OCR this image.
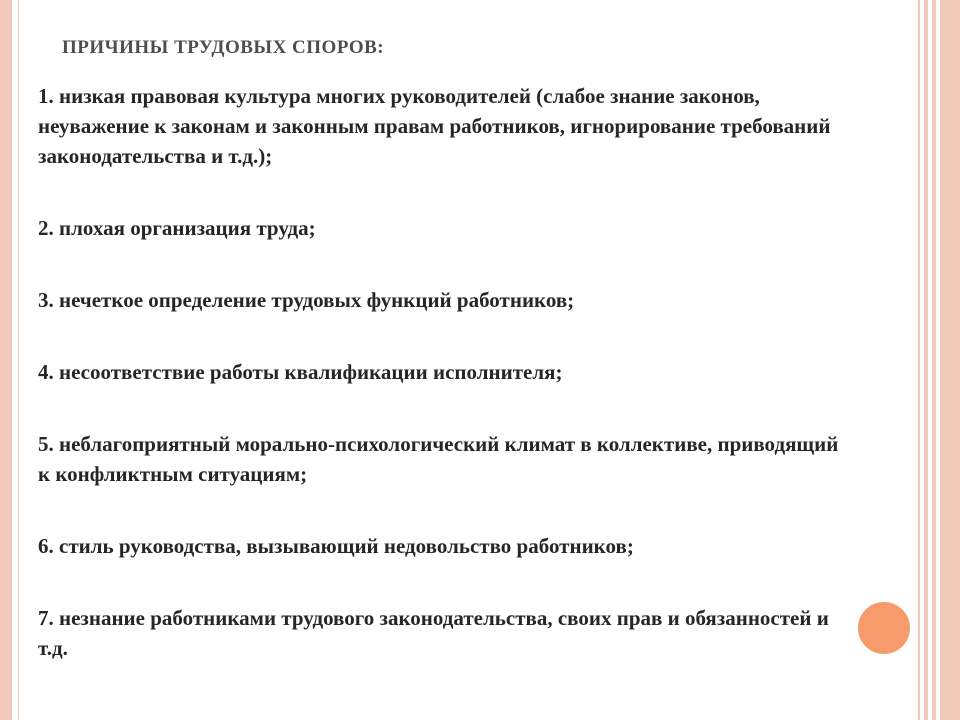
ПРИЧИНЫ ТРУДОВЫХ СПОРОВ:
1. низкая правовая культура многих руководителей (слабое знание законов, неуважение к законам и законным правам работников, игнорирование требований законодательства и т.д.);
2. плохая организация труда;
3. нечеткое определение трудовых функций работников;
4. несоответствие работы квалификации исполнителя;
5. неблагоприятный морально-психологический климат в коллективе, приводящий к конфликтным ситуациям;
6. стиль руководства, вызывающий недовольство работников;
7. незнание работниками трудового законодательства, своих прав и обязанностей и т.д.
